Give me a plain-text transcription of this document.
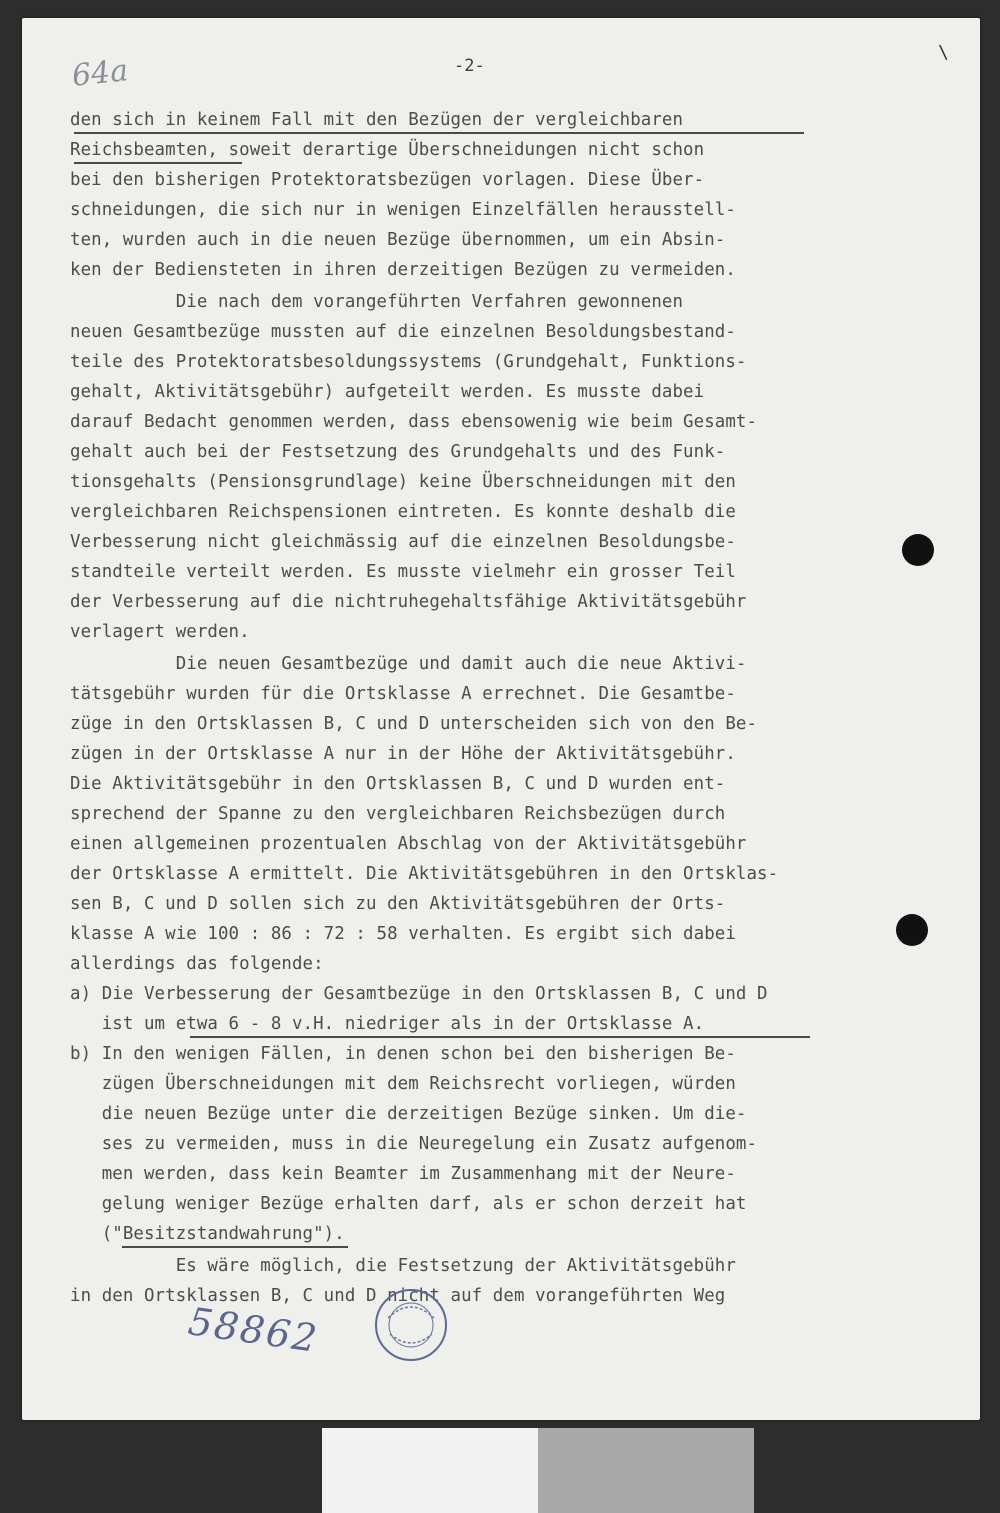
64a	-2-
\
den sich in keinem Fall mit den Bezügen der vergleichbaren
Reichsbeamten, soweit derartige Überschneidungen nicht schon
bei den bisherigen Protektoratsbezügen vorlagen. Diese Über-
schneidungen, die sich nur in wenigen Einzelfällen herausstell-
ten, wurden auch in die neuen Bezüge übernommen, um ein Absin-
ken der Bediensteten in ihren derzeitigen Bezügen zu vermeiden.
Die nach dem vorangeführten Verfahren gewonnenen
neuen Gesamtbezüge mussten auf die einzelnen Besoldungsbestand-
teile des Protektoratsbesoldungssystems (Grundgehalt, Funktions-
gehalt, Aktivitätsgebühr) aufgeteilt werden. Es musste dabei
darauf Bedacht genommen werden, dass ebensowenig wie beim Gesamt-
gehalt auch bei der Festsetzung des Grundgehalts und des Funk-
tionsgehalts (Pensionsgrundlage) keine Überschneidungen mit den
vergleichbaren Reichspensionen eintreten. Es konnte deshalb die
Verbesserung nicht gleichmässig auf die einzelnen Besoldungsbe-
standteile verteilt werden. Es musste vielmehr ein grosser Teil
der Verbesserung auf die nichtruhegehaltsfähige Aktivitätsgebühr
verlagert werden.
Die neuen Gesamtbezüge und damit auch die neue Aktivi-
tätsgebühr wurden für die Ortsklasse A errechnet. Die Gesamtbe-
züge in den Ortsklassen B, C und D unterscheiden sich von den Be-
zügen in der Ortsklasse A nur in der Höhe der Aktivitätsgebühr.
Die Aktivitätsgebühr in den Ortsklassen B, C und D wurden ent-
sprechend der Spanne zu den vergleichbaren Reichsbezügen durch
einen allgemeinen prozentualen Abschlag von der Aktivitätsgebühr
der Ortsklasse A ermittelt. Die Aktivitätsgebühren in den Ortsklas-
sen B, C und D sollen sich zu den Aktivitätsgebühren der Orts-
klasse A wie 100 : 86 : 72 : 58 verhalten. Es ergibt sich dabei
allerdings das folgende:
a) Die Verbesserung der Gesamtbezüge in den Ortsklassen B, C und D
ist um etwa 6 - 8 v.H. niedriger als in der Ortsklasse A.
b) In den wenigen Fällen, in denen schon bei den bisherigen Be-
zügen Überschneidungen mit dem Reichsrecht vorliegen, würden
die neuen Bezüge unter die derzeitigen Bezüge sinken. Um die-
ses zu vermeiden, muss in die Neuregelung ein Zusatz aufgenom-
men werden, dass kein Beamter im Zusammenhang mit der Neure-
gelung weniger Bezüge erhalten darf, als er schon derzeit hat
("Besitzstandwahrung").
Es wäre möglich, die Festsetzung der Aktivitätsgebühr
in den Ortsklassen B, C und D nicht auf dem vorangeführten Weg
58862
